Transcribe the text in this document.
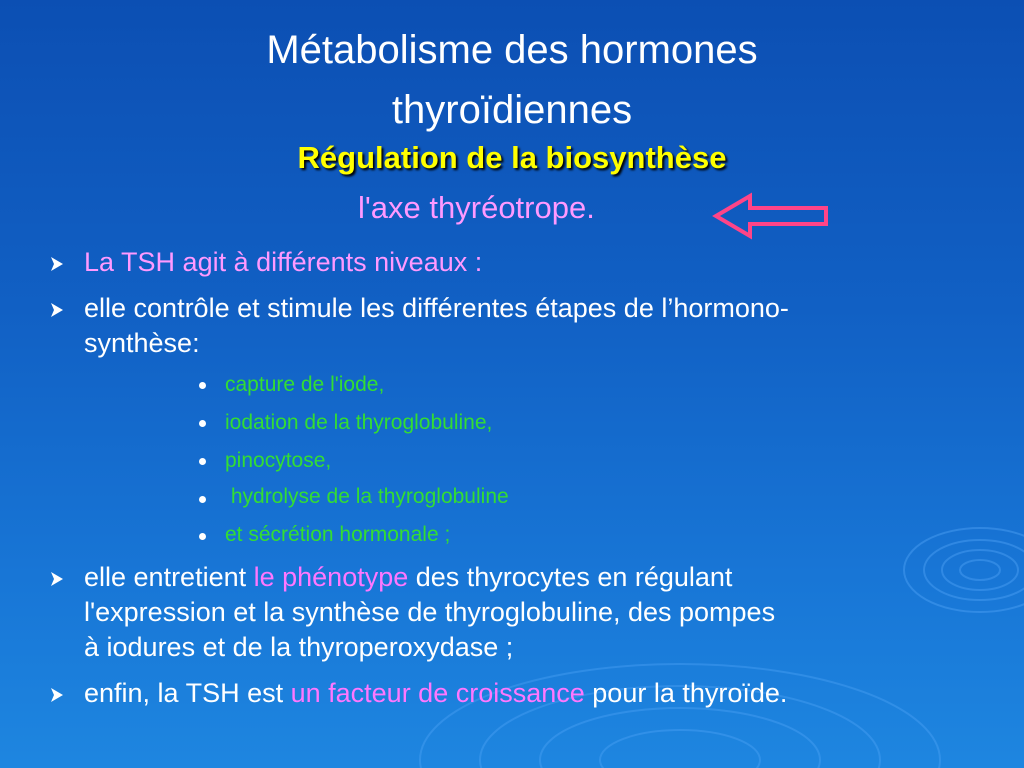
Métabolisme des hormones
thyroïdiennes
Régulation de la biosynthèse
l'axe thyréotrope.
La TSH agit à différents niveaux :
elle contrôle et stimule les différentes étapes de l’hormono-
synthèse:
capture de l'iode,
iodation de la thyroglobuline,
pinocytose,
hydrolyse de la thyroglobuline
et sécrétion hormonale ;
elle entretient le phénotype des thyrocytes en régulant
l'expression et la synthèse de thyroglobuline, des pompes
à iodures et de la thyroperoxydase ;
enfin, la TSH est un facteur de croissance pour la thyroïde.
